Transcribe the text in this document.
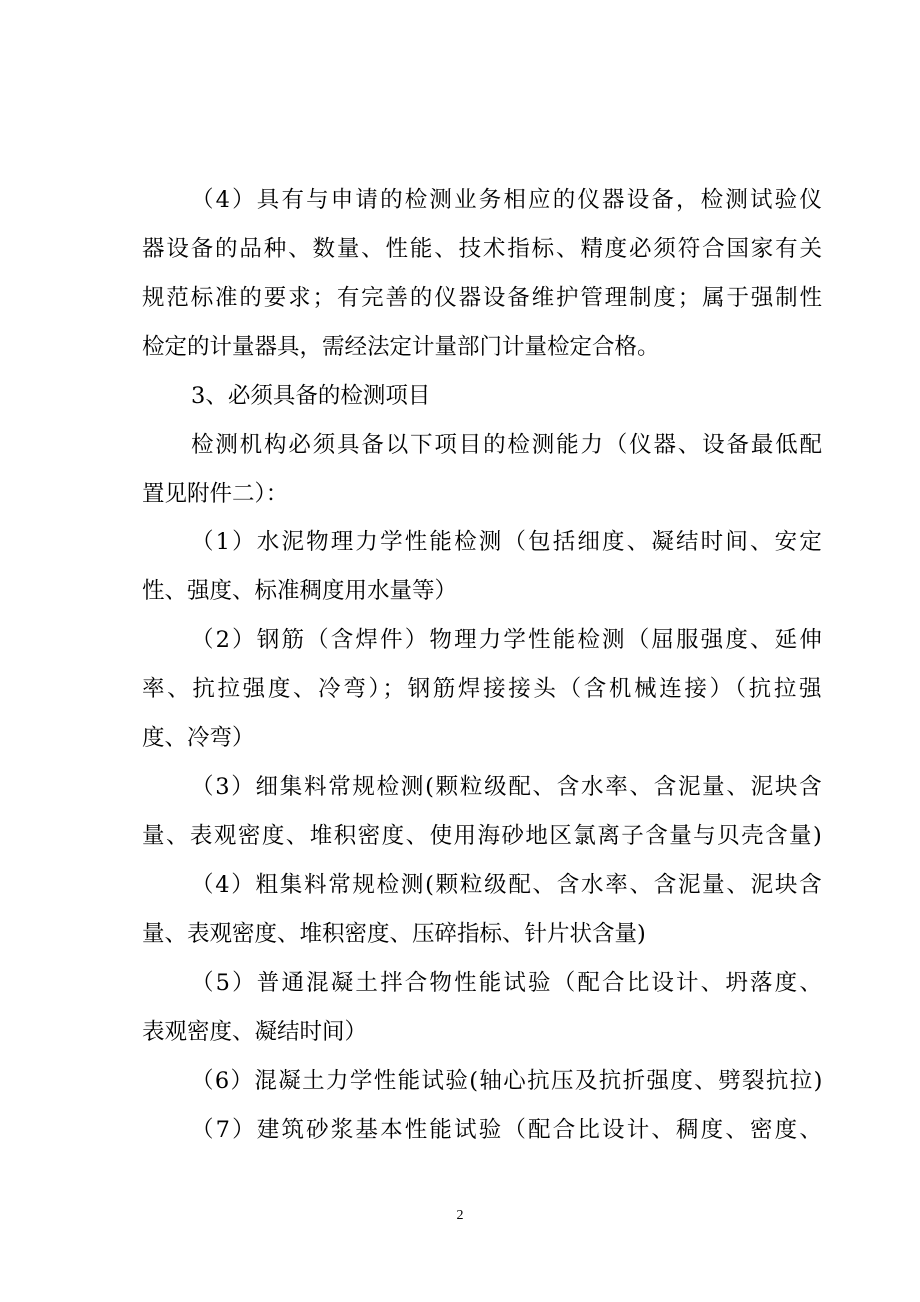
（4）具有与申请的检测业务相应的仪器设备，检测试验仪
器设备的品种、数量、性能、技术指标、精度必须符合国家有关
规范标准的要求；有完善的仪器设备维护管理制度；属于强制性
检定的计量器具，需经法定计量部门计量检定合格。
3、必须具备的检测项目
检测机构必须具备以下项目的检测能力（仪器、设备最低配
置见附件二）：
（1）水泥物理力学性能检测（包括细度、凝结时间、安定
性、强度、标准稠度用水量等）
（2）钢筋（含焊件）物理力学性能检测（屈服强度、延伸
率、抗拉强度、冷弯）；钢筋焊接接头（含机械连接）（抗拉强
度、冷弯）
（3）细集料常规检测(颗粒级配、含水率、含泥量、泥块含
量、表观密度、堆积密度、使用海砂地区氯离子含量与贝壳含量)
（4）粗集料常规检测(颗粒级配、含水率、含泥量、泥块含
量、表观密度、堆积密度、压碎指标、针片状含量)
（5）普通混凝土拌合物性能试验（配合比设计、坍落度、
表观密度、凝结时间）
（6）混凝土力学性能试验(轴心抗压及抗折强度、劈裂抗拉)
（7）建筑砂浆基本性能试验（配合比设计、稠度、密度、
2
